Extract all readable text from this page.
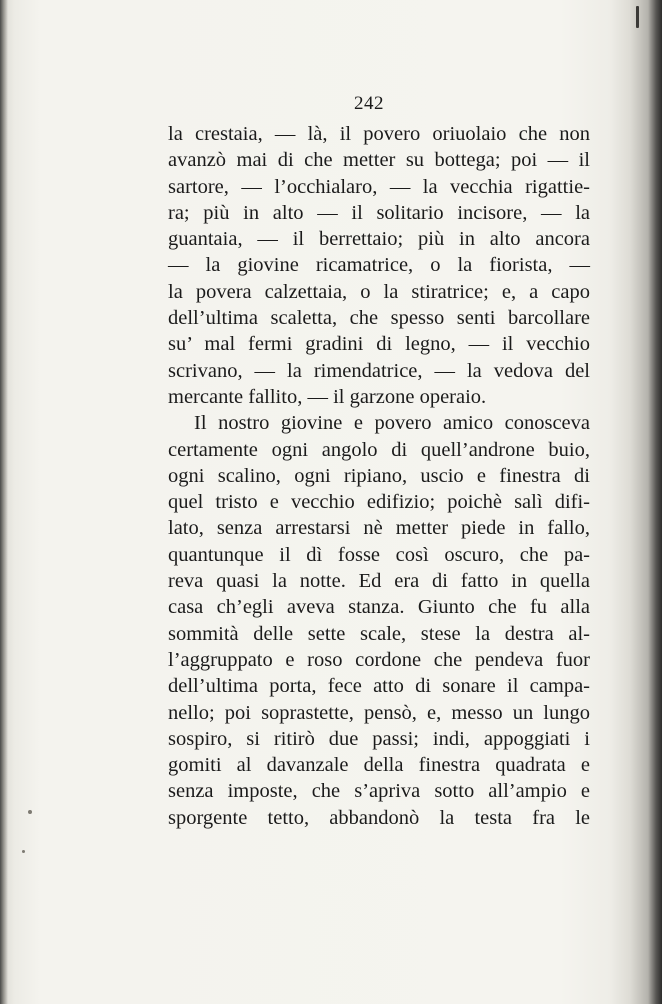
242
la crestaia, — là, il povero oriuolaio che non
avanzò mai di che metter su bottega; poi — il
sartore, — l’occhialaro, — la vecchia rigattie-
ra; più in alto — il solitario incisore, — la
guantaia, — il berrettaio; più in alto ancora
— la giovine ricamatrice, o la fiorista, —
la povera calzettaia, o la stiratrice; e, a capo
dell’ultima scaletta, che spesso senti barcollare
su’ mal fermi gradini di legno, — il vecchio
scrivano, — la rimendatrice, — la vedova del
mercante fallito, — il garzone operaio.
Il nostro giovine e povero amico conosceva
certamente ogni angolo di quell’androne buio,
ogni scalino, ogni ripiano, uscio e finestra di
quel tristo e vecchio edifizio; poichè salì difi-
lato, senza arrestarsi nè metter piede in fallo,
quantunque il dì fosse così oscuro, che pa-
reva quasi la notte. Ed era di fatto in quella
casa ch’egli aveva stanza. Giunto che fu alla
sommità delle sette scale, stese la destra al-
l’aggruppato e roso cordone che pendeva fuor
dell’ultima porta, fece atto di sonare il campa-
nello; poi soprastette, pensò, e, messo un lungo
sospiro, si ritirò due passi; indi, appoggiati i
gomiti al davanzale della finestra quadrata e
senza imposte, che s’apriva sotto all’ampio e
sporgente tetto, abbandonò la testa fra le
